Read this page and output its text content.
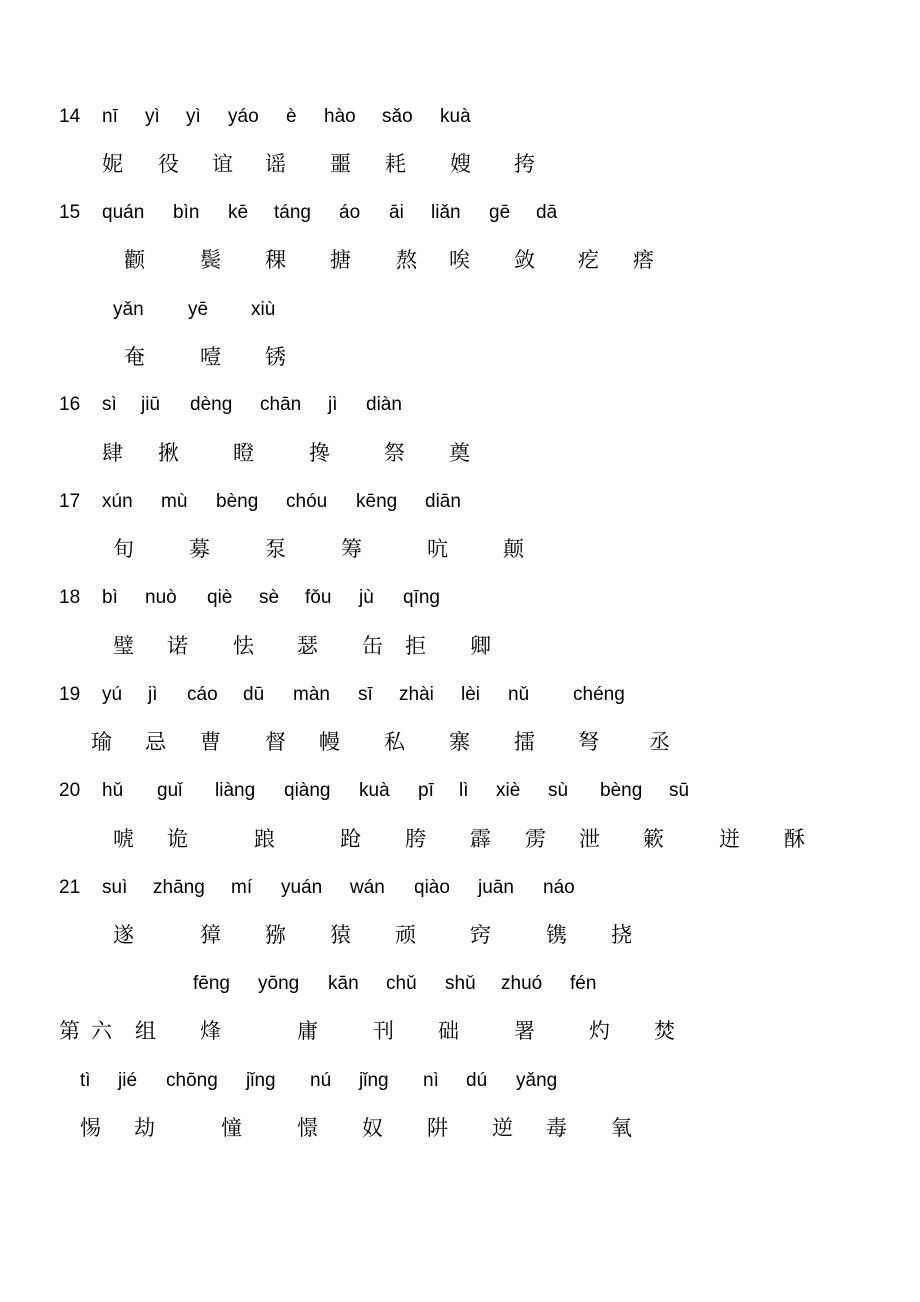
14 nī yì yì yáo è hào sǎo kuà
妮 役 谊 谣 噩 耗 嫂 挎
15 quán bìn kē táng áo āi liǎn gē dā
颧	鬓 稞 搪 熬 唉 敛 疙 瘩
yǎn yē xiù
奄	噎 锈
16 sì jiū dèng chān jì diàn
肆 揪	瞪	搀	祭 奠
17 xún mù bèng chóu kēng diān
旬	募	泵	筹	吭	颠
18 bì nuò qiè sè fǒu jù qīng
璧 诺 怯 瑟 缶 拒 卿
19 yú jì cáo dū màn sī zhài lèi nǔ chéng
瑜 忌 曹 督 幔 私 寨 擂 弩 丞
20 hǔ guǐ liàng qiàng kuà pī lì xiè sù bèng sū
唬 诡	踉	跄 胯 霹 雳 泄 簌	迸 酥
21 suì zhāng mí yuán wán qiào juān náo
遂	獐 猕 猿 顽	窍	镌 挠
fēng yōng kān chǔ shǔ zhuó fén
第 六 组 烽	庸	刊 础	署	灼 焚
tì jié chōng jǐng nú jǐng nì dú yǎng
惕 劫	憧	憬 奴 阱 逆 毒 氧
